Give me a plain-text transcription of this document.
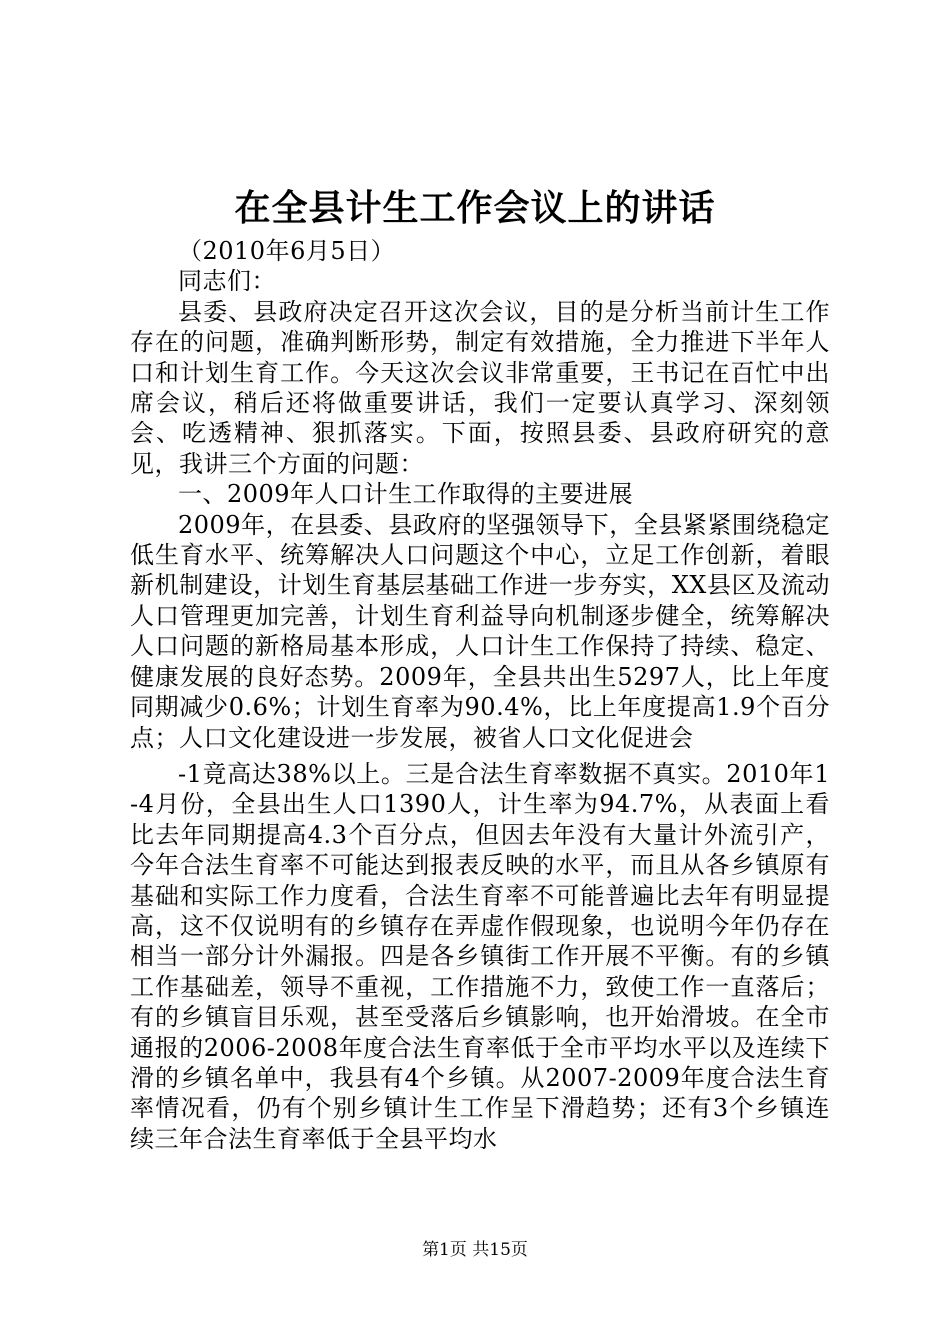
在全县计生工作会议上的讲话

（2010年6月5日）

同志们：

县委、县政府决定召开这次会议，目的是分析当前计生工作存在的问题，准确判断形势，制定有效措施，全力推进下半年人口和计划生育工作。今天这次会议非常重要，王书记在百忙中出席会议，稍后还将做重要讲话，我们一定要认真学习、深刻领会、吃透精神、狠抓落实。下面，按照县委、县政府研究的意见，我讲三个方面的问题：

一、2009年人口计生工作取得的主要进展

2009年，在县委、县政府的坚强领导下，全县紧紧围绕稳定低生育水平、统筹解决人口问题这个中心，立足工作创新，着眼新机制建设，计划生育基层基础工作进一步夯实，XX县区及流动人口管理更加完善，计划生育利益导向机制逐步健全，统筹解决人口问题的新格局基本形成，人口计生工作保持了持续、稳定、健康发展的良好态势。2009年，全县共出生5297人，比上年度同期减少0.6%；计划生育率为90.4%，比上年度提高1.9个百分点；人口文化建设进一步发展，被省人口文化促进会

-1竟高达38%以上。三是合法生育率数据不真实。2010年1-4月份，全县出生人口1390人，计生率为94.7%，从表面上看比去年同期提高4.3个百分点，但因去年没有大量计外流引产，今年合法生育率不可能达到报表反映的水平，而且从各乡镇原有基础和实际工作力度看，合法生育率不可能普遍比去年有明显提高，这不仅说明有的乡镇存在弄虚作假现象，也说明今年仍存在相当一部分计外漏报。四是各乡镇街工作开展不平衡。有的乡镇工作基础差，领导不重视，工作措施不力，致使工作一直落后；有的乡镇盲目乐观，甚至受落后乡镇影响，也开始滑坡。在全市通报的2006-2008年度合法生育率低于全市平均水平以及连续下滑的乡镇名单中，我县有4个乡镇。从2007-2009年度合法生育率情况看，仍有个别乡镇计生工作呈下滑趋势；还有3个乡镇连续三年合法生育率低于全县平均水

第1页 共15页
